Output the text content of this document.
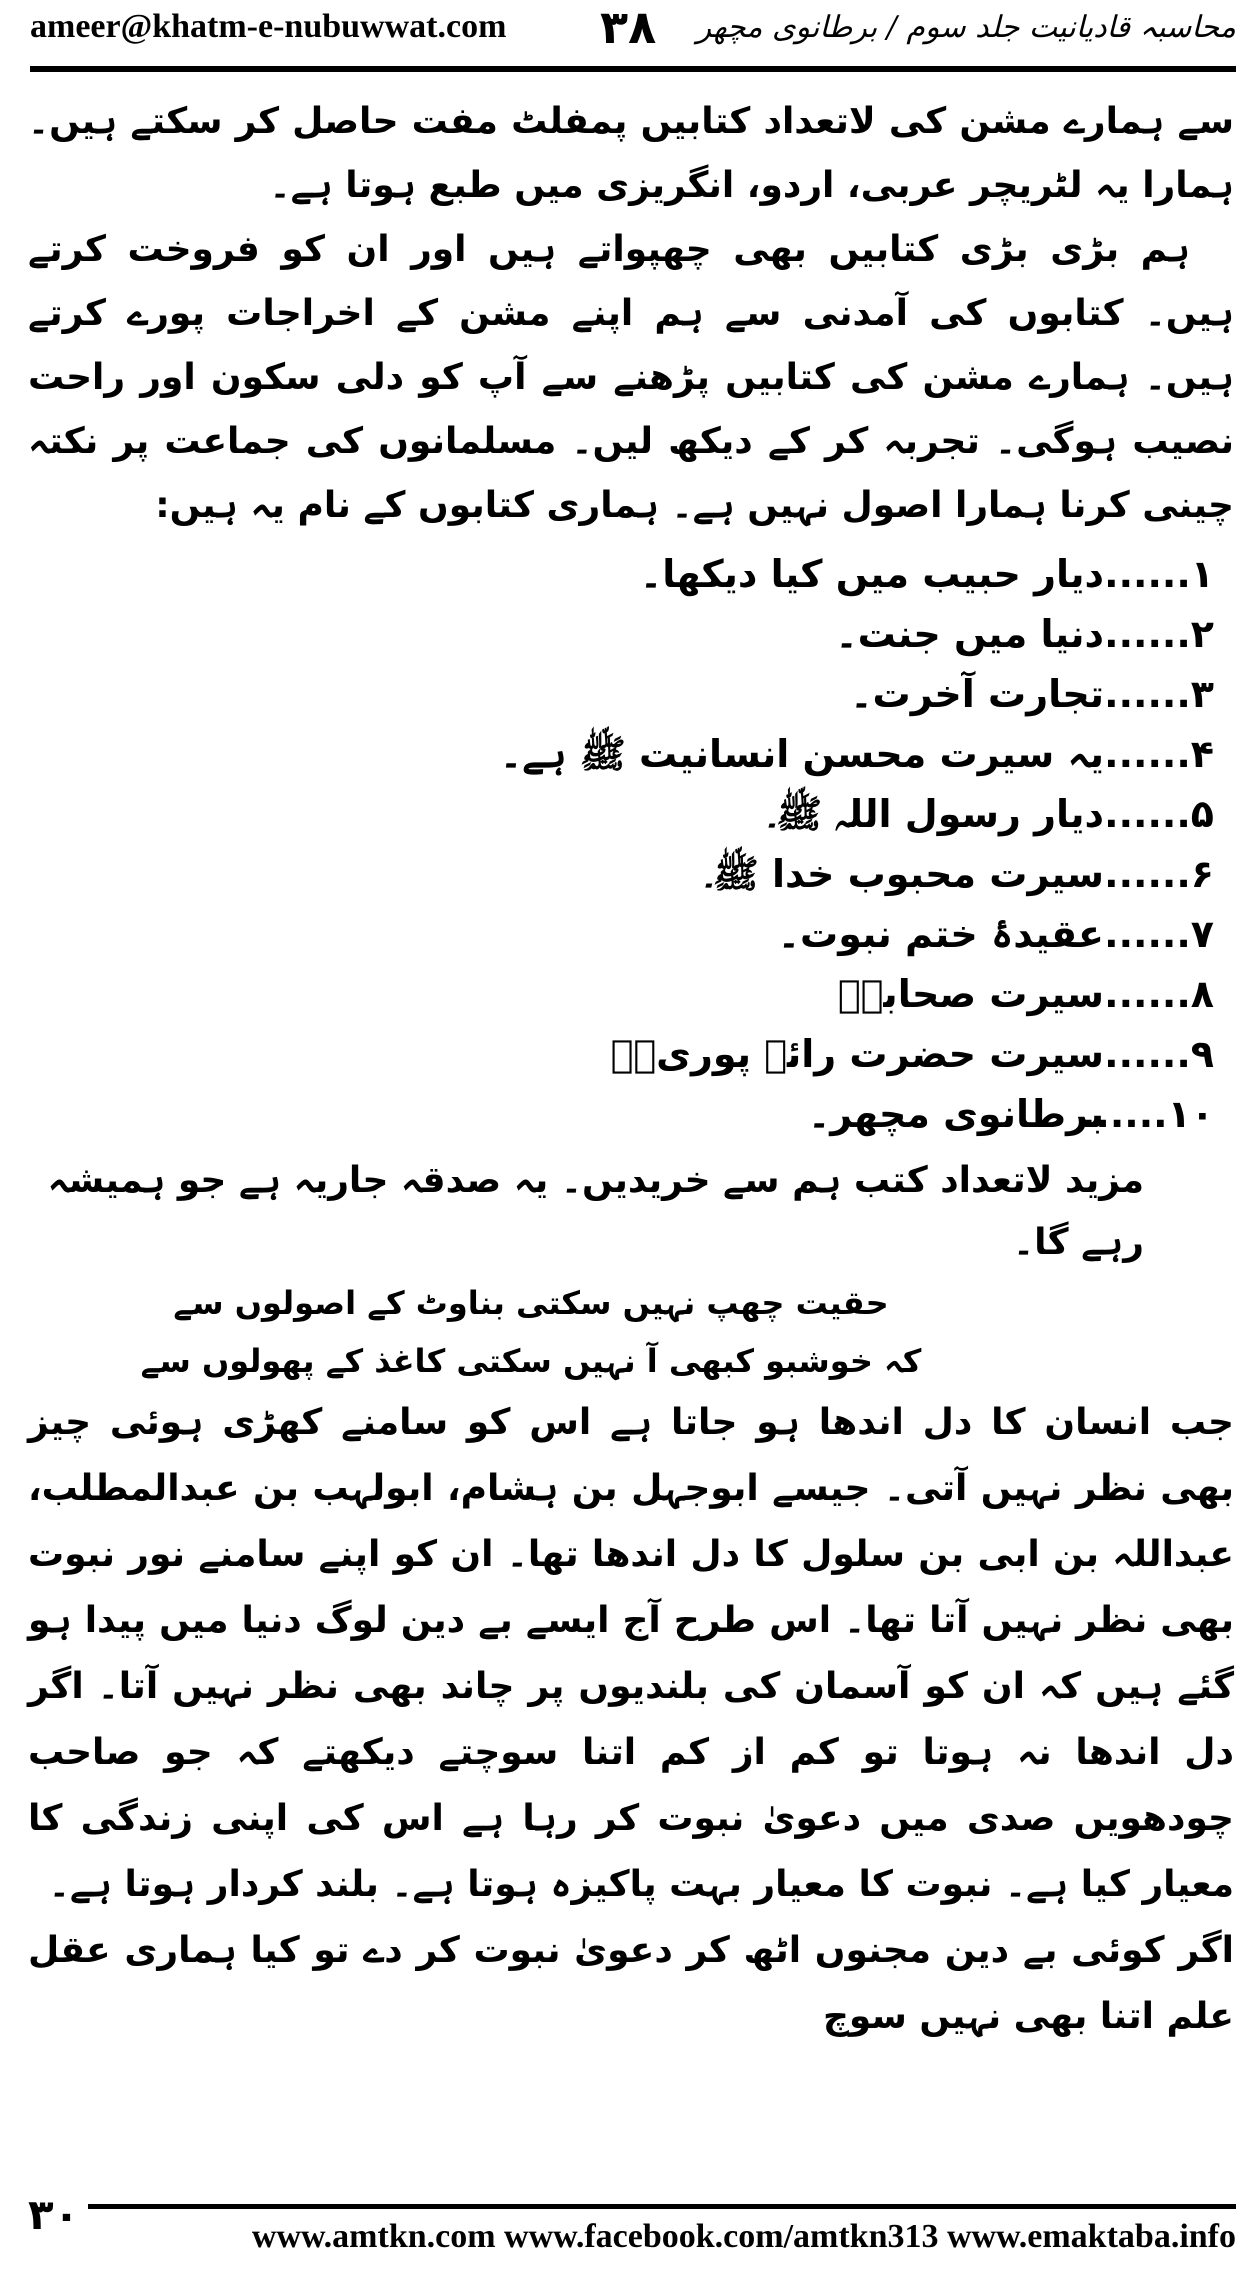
ameer@khatm-e-nubuwwat.com ۳۸ محاسبہ قادیانیت جلد سوم / برطانوی مچھر

سے ہمارے مشن کی لاتعداد کتابیں پمفلٹ مفت حاصل کر سکتے ہیں۔ ہمارا یہ لٹریچر عربی، اردو، انگریزی میں طبع ہوتا ہے۔

ہم بڑی بڑی کتابیں بھی چھپواتے ہیں اور ان کو فروخت کرتے ہیں۔ کتابوں کی آمدنی سے ہم اپنے مشن کے اخراجات پورے کرتے ہیں۔ ہمارے مشن کی کتابیں پڑھنے سے آپ کو دلی سکون اور راحت نصیب ہوگی۔ تجربہ کر کے دیکھ لیں۔ مسلمانوں کی جماعت پر نکتہ چینی کرنا ہمارا اصول نہیں ہے۔ ہماری کتابوں کے نام یہ ہیں:

۱......
دیار حبیب میں کیا دیکھا۔
۲......
دنیا میں جنت۔
۳......
تجارت آخرت۔
۴......
یہ سیرت محسن انسانیت ﷺ ہے۔
۵......
دیار رسول اللہ ﷺ۔
۶......
سیرت محبوب خدا ﷺ۔
۷......
عقیدۂ ختم نبوت۔
۸......
سیرت صحابہؓ
۹......
سیرت حضرت رائے پوریؒ۔
۱۰......
برطانوی مچھر۔

مزید لاتعداد کتب ہم سے خریدیں۔ یہ صدقہ جاریہ ہے جو ہمیشہ رہے گا۔

حقیت چھپ نہیں سکتی بناوٹ کے اصولوں سے

کہ خوشبو کبھی آ نہیں سکتی کاغذ کے پھولوں سے

جب انسان کا دل اندھا ہو جاتا ہے اس کو سامنے کھڑی ہوئی چیز بھی نظر نہیں آتی۔ جیسے ابوجہل بن ہشام، ابولہب بن عبدالمطلب، عبداللہ بن ابی بن سلول کا دل اندھا تھا۔ ان کو اپنے سامنے نور نبوت بھی نظر نہیں آتا تھا۔ اس طرح آج ایسے بے دین لوگ دنیا میں پیدا ہو گئے ہیں کہ ان کو آسمان کی بلندیوں پر چاند بھی نظر نہیں آتا۔ اگر دل اندھا نہ ہوتا تو کم از کم اتنا سوچتے دیکھتے کہ جو صاحب چودھویں صدی میں دعویٰ نبوت کر رہا ہے اس کی اپنی زندگی کا معیار کیا ہے۔ نبوت کا معیار بہت پاکیزہ ہوتا ہے۔ بلند کردار ہوتا ہے۔

اگر کوئی بے دین مجنوں اٹھ کر دعویٰ نبوت کر دے تو کیا ہماری عقل علم اتنا بھی نہیں سوچ

۳۰	www.amtkn.com www.facebook.com/amtkn313 www.emaktaba.info
